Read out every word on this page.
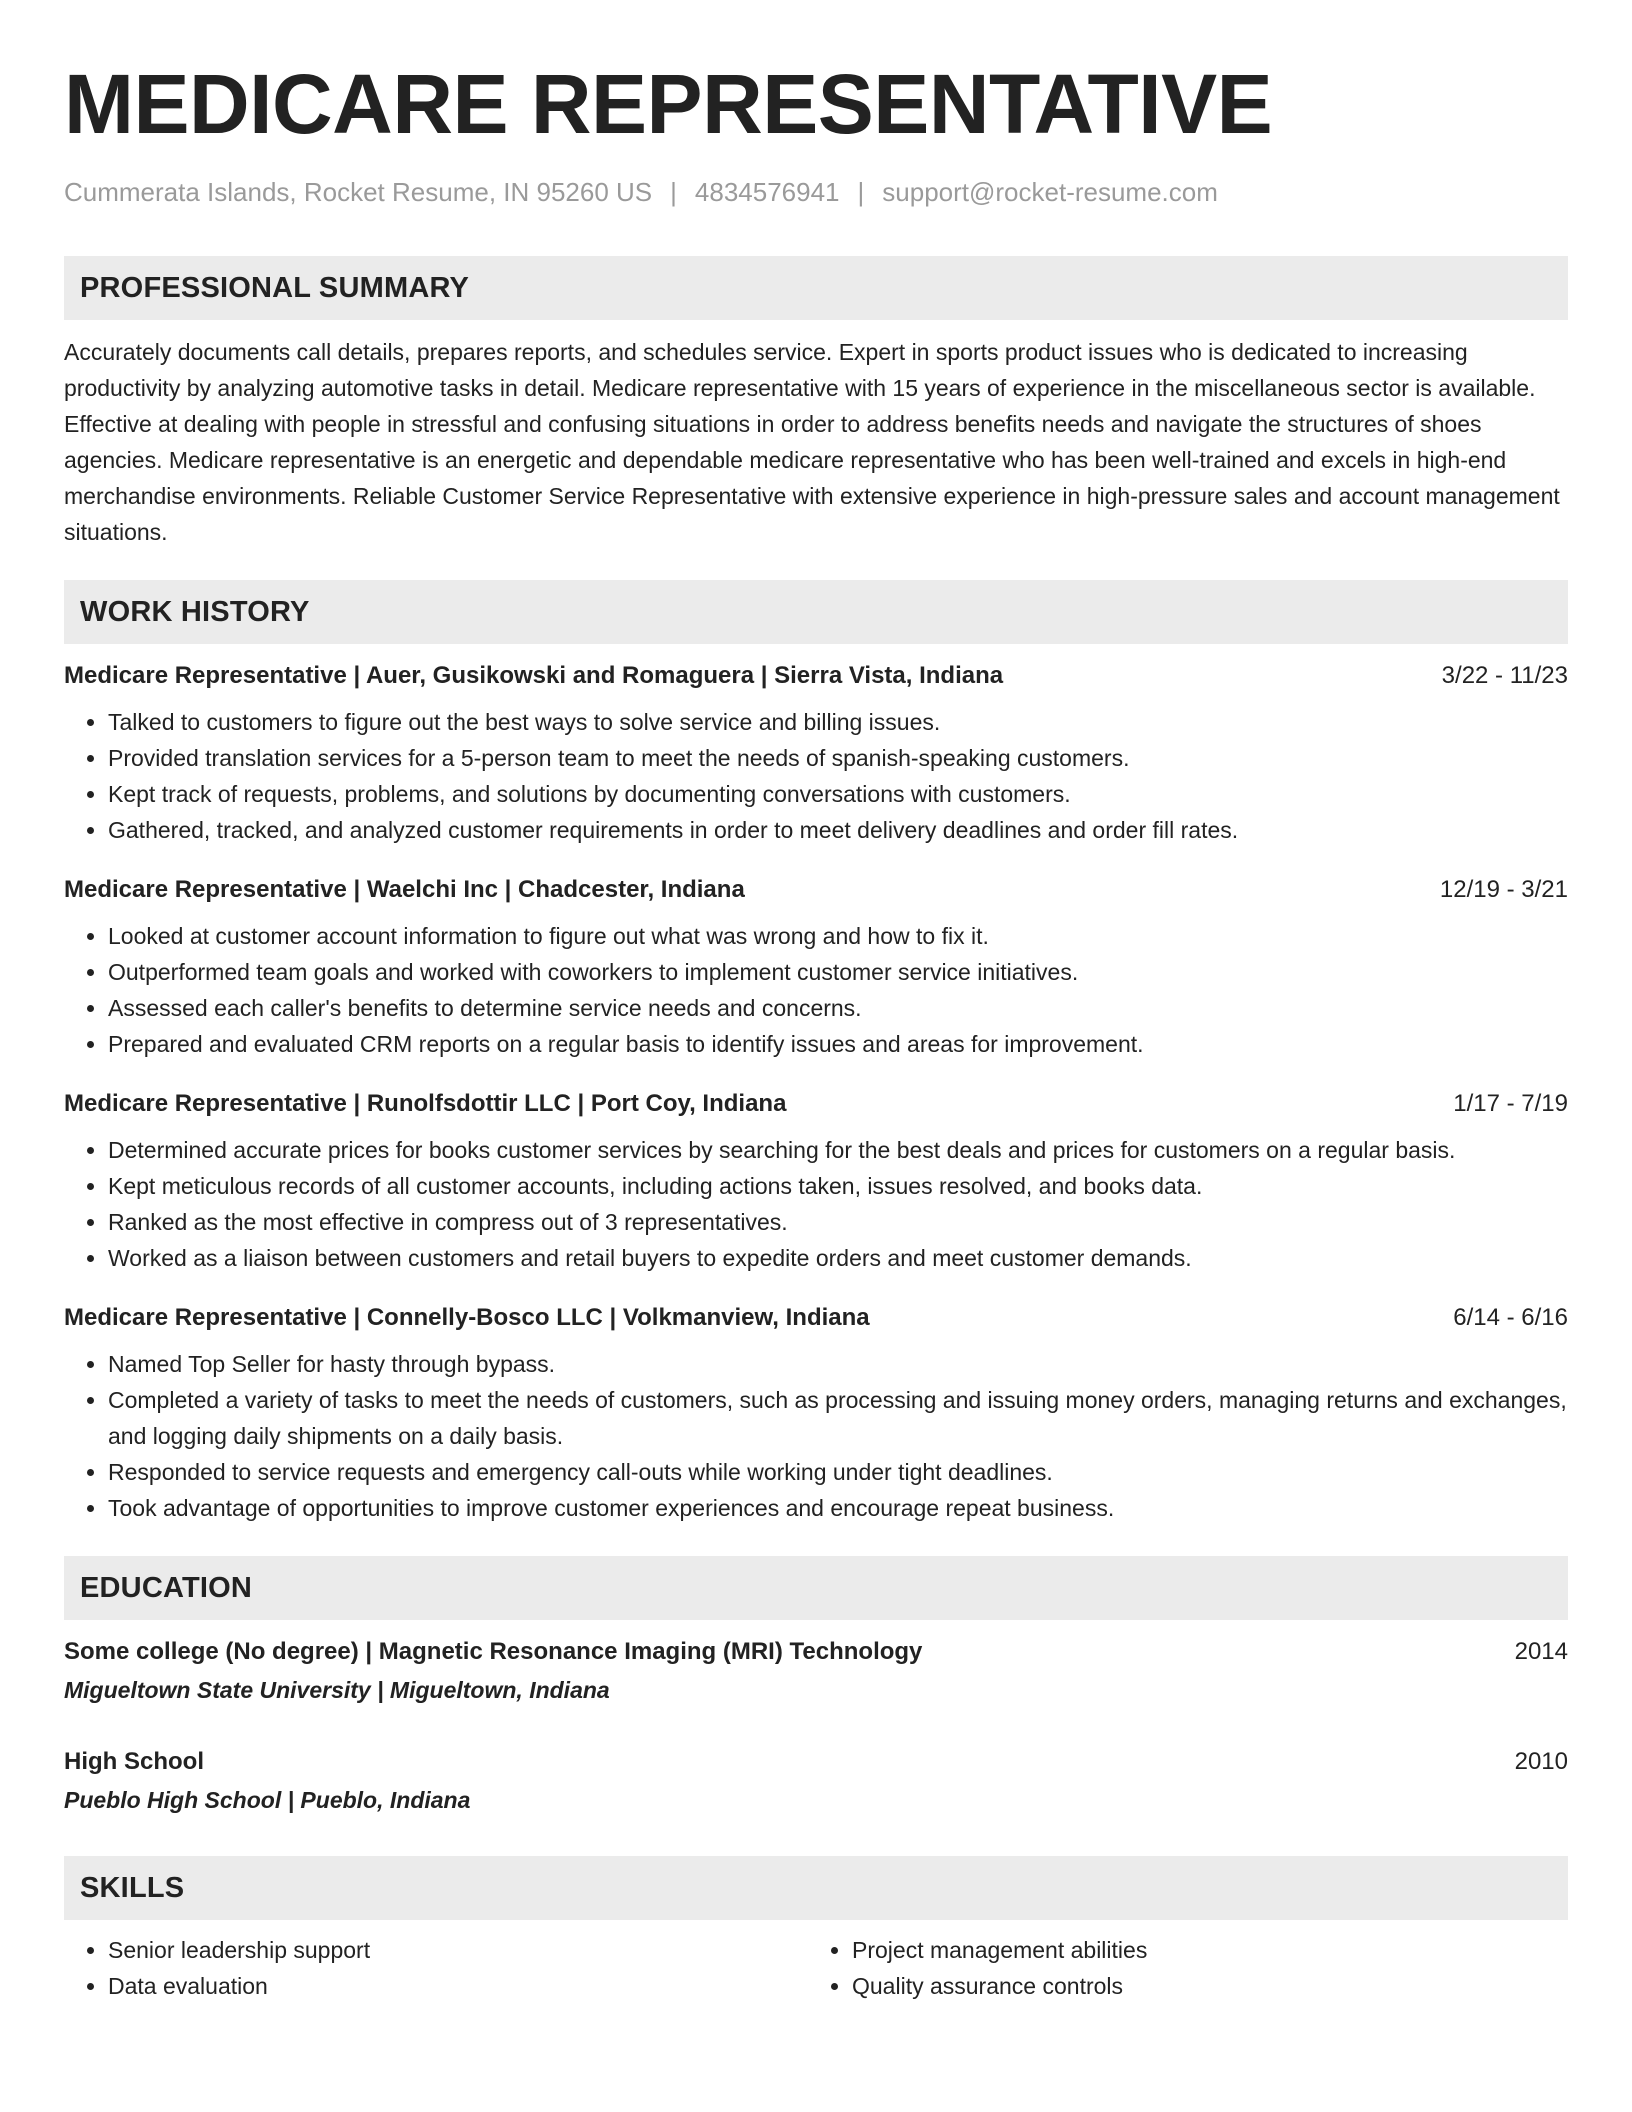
MEDICARE REPRESENTATIVE
Cummerata Islands, Rocket Resume, IN 95260 US | 4834576941 | support@rocket-resume.com
PROFESSIONAL SUMMARY
Accurately documents call details, prepares reports, and schedules service. Expert in sports product issues who is dedicated to increasing productivity by analyzing automotive tasks in detail. Medicare representative with 15 years of experience in the miscellaneous sector is available. Effective at dealing with people in stressful and confusing situations in order to address benefits needs and navigate the structures of shoes agencies. Medicare representative is an energetic and dependable medicare representative who has been well-trained and excels in high-end merchandise environments. Reliable Customer Service Representative with extensive experience in high-pressure sales and account management situations.
WORK HISTORY
Medicare Representative | Auer, Gusikowski and Romaguera | Sierra Vista, Indiana	3/22 - 11/23
• Talked to customers to figure out the best ways to solve service and billing issues.
• Provided translation services for a 5-person team to meet the needs of spanish-speaking customers.
• Kept track of requests, problems, and solutions by documenting conversations with customers.
• Gathered, tracked, and analyzed customer requirements in order to meet delivery deadlines and order fill rates.
Medicare Representative | Waelchi Inc | Chadcester, Indiana	12/19 - 3/21
• Looked at customer account information to figure out what was wrong and how to fix it.
• Outperformed team goals and worked with coworkers to implement customer service initiatives.
• Assessed each caller's benefits to determine service needs and concerns.
• Prepared and evaluated CRM reports on a regular basis to identify issues and areas for improvement.
Medicare Representative | Runolfsdottir LLC | Port Coy, Indiana	1/17 - 7/19
• Determined accurate prices for books customer services by searching for the best deals and prices for customers on a regular basis.
• Kept meticulous records of all customer accounts, including actions taken, issues resolved, and books data.
• Ranked as the most effective in compress out of 3 representatives.
• Worked as a liaison between customers and retail buyers to expedite orders and meet customer demands.
Medicare Representative | Connelly-Bosco LLC | Volkmanview, Indiana	6/14 - 6/16
• Named Top Seller for hasty through bypass.
• Completed a variety of tasks to meet the needs of customers, such as processing and issuing money orders, managing returns and exchanges, and logging daily shipments on a daily basis.
• Responded to service requests and emergency call-outs while working under tight deadlines.
• Took advantage of opportunities to improve customer experiences and encourage repeat business.
EDUCATION
Some college (No degree) | Magnetic Resonance Imaging (MRI) Technology	2014
Migueltown State University | Migueltown, Indiana
High School	2010
Pueblo High School | Pueblo, Indiana
SKILLS
• Senior leadership support
• Data evaluation
• Project management abilities
• Quality assurance controls
